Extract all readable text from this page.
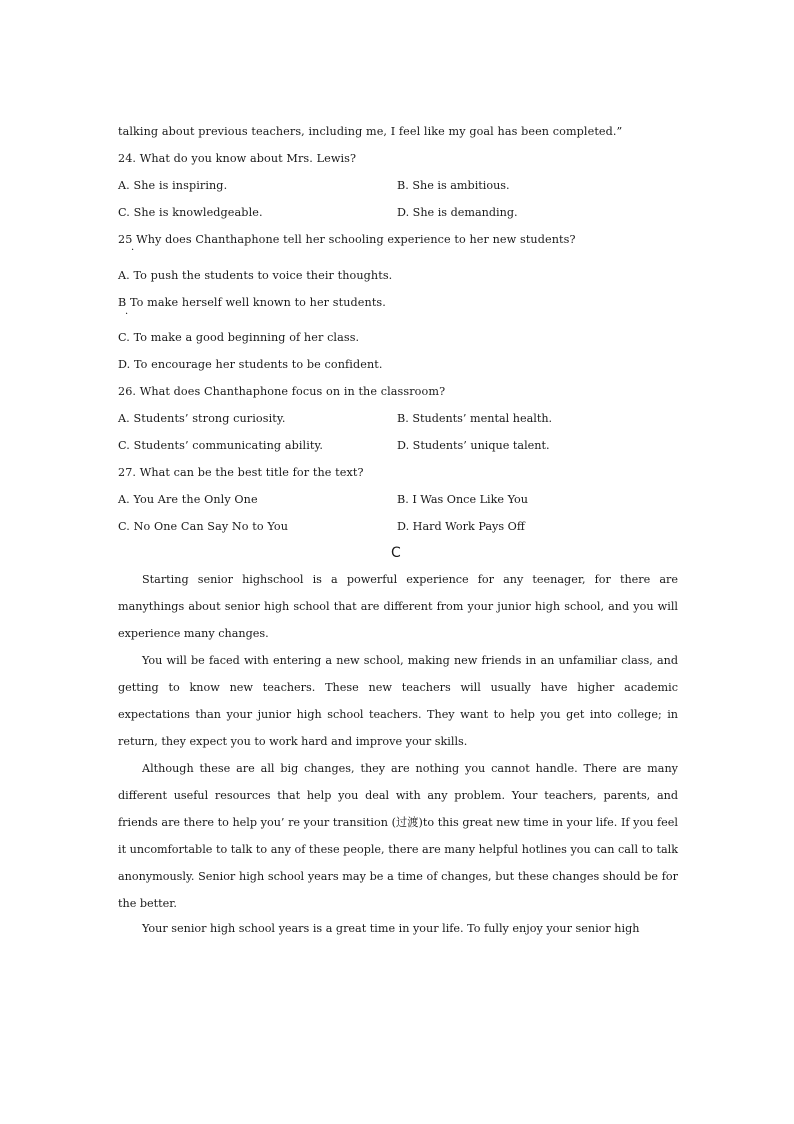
talking about previous teachers, including me, I feel like my goal has been completed.”
24. What do you know about Mrs. Lewis?
A. She is inspiring.	B. She is ambitious.
C. She is knowledgeable.	D. She is demanding.
25 Why does Chanthaphone tell her schooling experience to her new students?
·
A. To push the students to voice their thoughts.
B To make herself well known to her students.
·
C. To make a good beginning of her class.
D. To encourage her students to be confident.
26. What does Chanthaphone focus on in the classroom?
A. Students’ strong curiosity.	B. Students’ mental health.
C. Students’ communicating ability.	D. Students’ unique talent.
27. What can be the best title for the text?
A. You Are the Only One	B. I Was Once Like You
C. No One Can Say No to You	D. Hard Work Pays Off
C
Starting senior highschool is a powerful experience for any teenager, for there are manythings about senior high school that are different from your junior high school, and you will experience many changes.
You will be faced with entering a new school, making new friends in an unfamiliar class, and getting to know new teachers. These new teachers will usually have higher academic expectations than your junior high school teachers. They want to help you get into college; in return, they expect you to work hard and improve your skills.
Although these are all big changes, they are nothing you cannot handle. There are many different useful resources that help you deal with any problem. Your teachers, parents, and friends are there to help you’ re your transition (过渡)to this great new time in your life. If you feel it uncomfortable to talk to any of these people, there are many helpful hotlines you can call to talk anonymously. Senior high school years may be a time of changes, but these changes should be for the better.
Your senior high school years is a great time in your life. To fully enjoy your senior high
